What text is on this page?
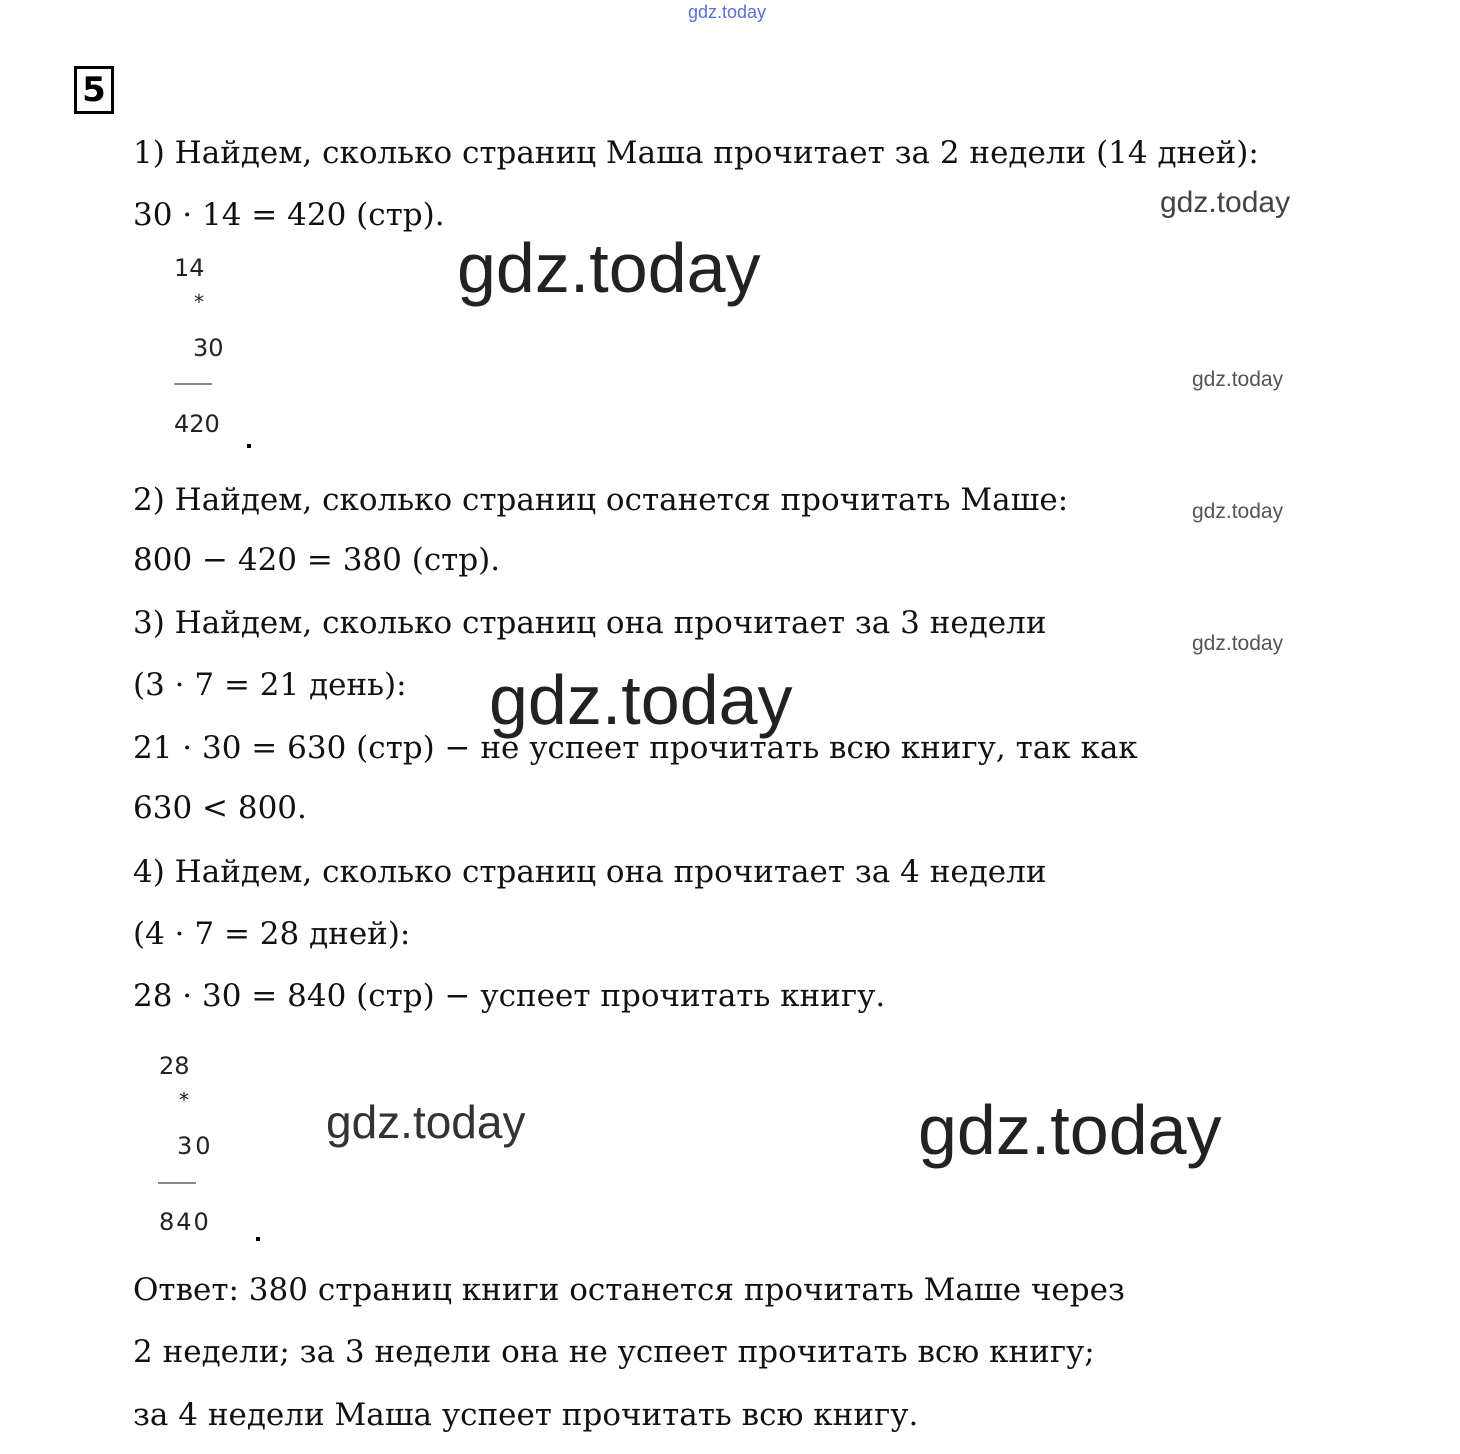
gdz.today
5
1) Найдем, сколько страниц Маша прочитает за 2 недели (14 дней):
30 · 14 = 420 (стр).
14
*
30
420
2) Найдем, сколько страниц останется прочитать Маше:
800 − 420 = 380 (стр).
3) Найдем, сколько страниц она прочитает за 3 недели
(3 · 7 = 21 день):
21 · 30 = 630 (стр) − не успеет прочитать всю книгу, так как
630 < 800.
4) Найдем, сколько страниц она прочитает за 4 недели
(4 · 7 = 28 дней):
28 · 30 = 840 (стр) − успеет прочитать книгу.
28
*
30
840
Ответ: 380 страниц книги останется прочитать Маше через
2 недели; за 3 недели она не успеет прочитать всю книгу;
за 4 недели Маша успеет прочитать всю книгу.
gdz.today
gdz.today
gdz.today
gdz.today
gdz.today
gdz.today
gdz.today	gdz.today
